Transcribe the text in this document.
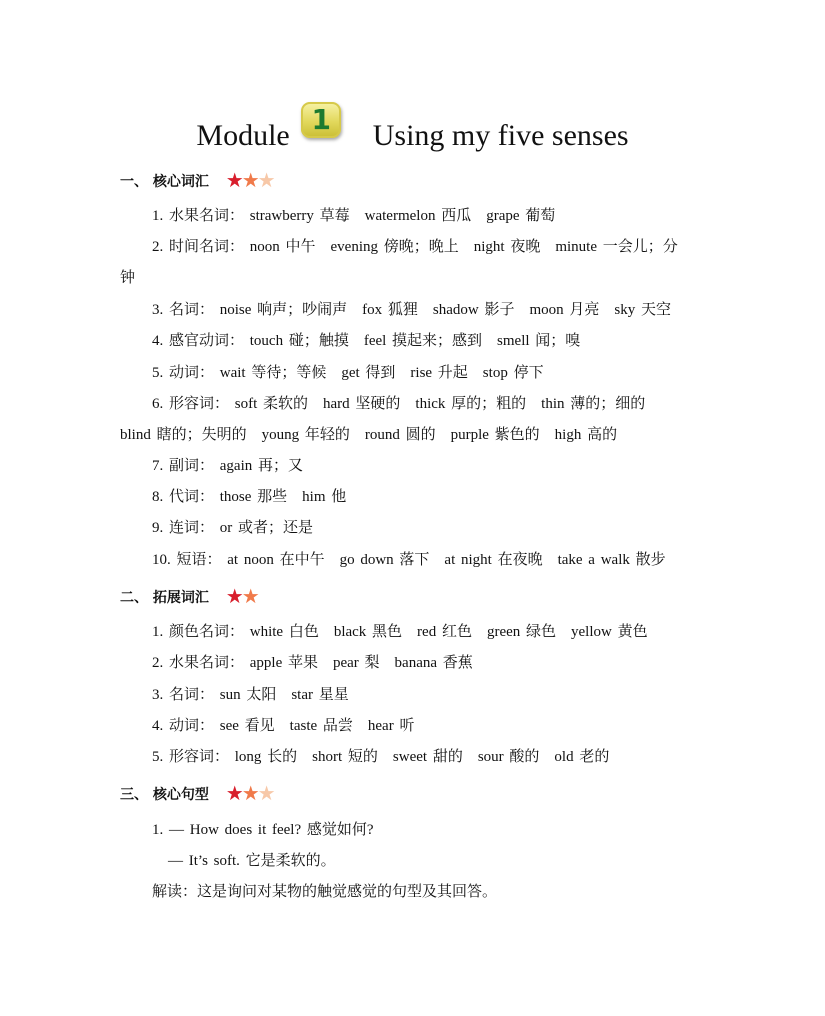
Module 1 Using my five senses
一、 核心词汇 ★★★
1. 水果名词： strawberry 草莓　watermelon 西瓜　grape 葡萄
2. 时间名词： noon 中午　evening 傍晚；晚上　night 夜晚　minute 一会儿；分
钟
3. 名词： noise 响声；吵闹声　fox 狐狸　shadow 影子　moon 月亮　sky 天空
4. 感官动词： touch 碰；触摸　feel 摸起来；感到　smell 闻；嗅
5. 动词： wait 等待；等候　get 得到　rise 升起　stop 停下
6. 形容词： soft 柔软的　hard 坚硬的　thick 厚的；粗的　thin 薄的；细的
blind 瞎的；失明的　young 年轻的　round 圆的　purple 紫色的　high 高的
7. 副词： again 再；又
8. 代词： those 那些　him 他
9. 连词： or 或者；还是
10. 短语： at noon 在中午　go down 落下　at night 在夜晚　take a walk 散步
二、 拓展词汇 ★★
1. 颜色名词： white 白色　black 黑色　red 红色　green 绿色　yellow 黄色
2. 水果名词： apple 苹果　pear 梨　banana 香蕉
3. 名词： sun 太阳　star 星星
4. 动词： see 看见　taste 品尝　hear 听
5. 形容词： long 长的　short 短的　sweet 甜的　sour 酸的　old 老的
三、 核心句型 ★★★
1. — How does it feel? 感觉如何?
— It’s soft. 它是柔软的。
解读：这是询问对某物的触觉感觉的句型及其回答。
